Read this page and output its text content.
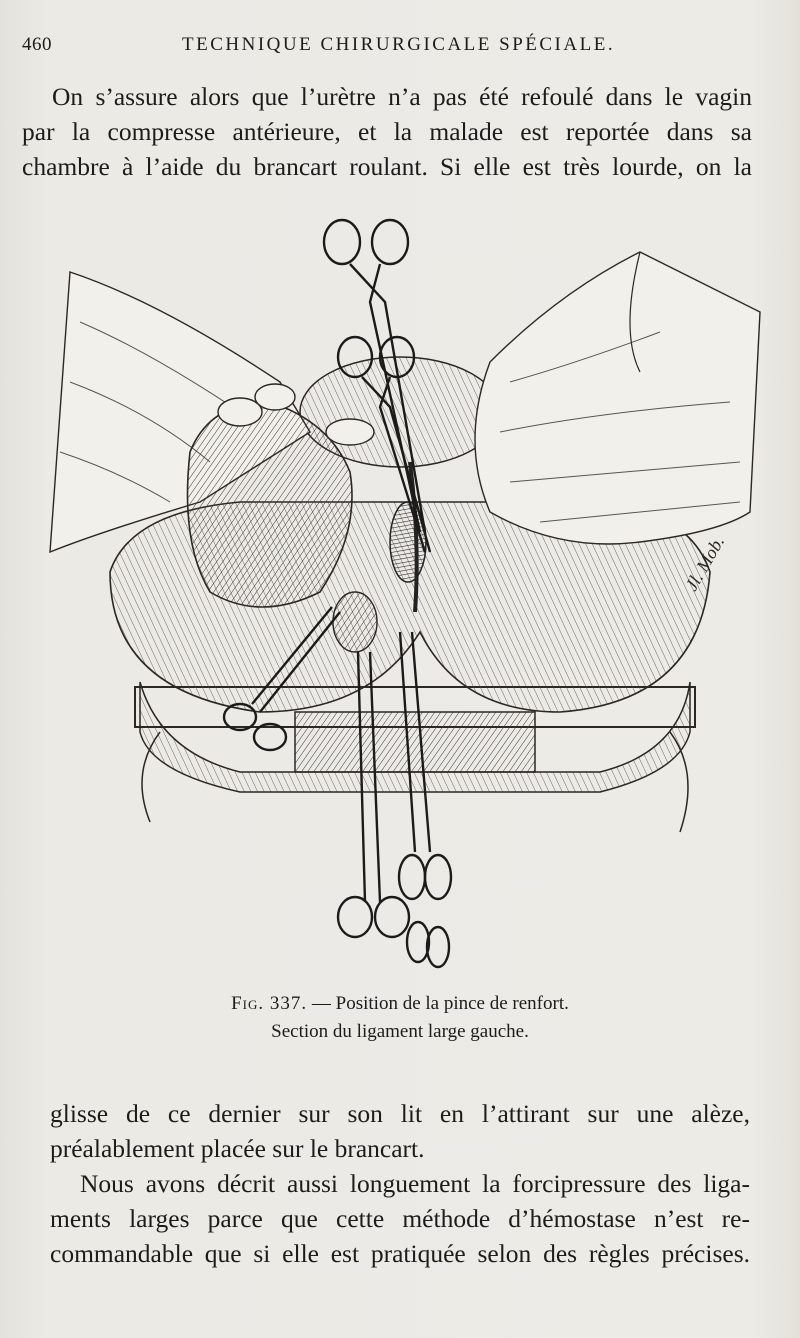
460	TECHNIQUE CHIRURGICALE SPÉCIALE.
On s’assure alors que l’urètre n’a pas été refoulé dans le vagin
par la compresse antérieure, et la malade est reportée dans sa
chambre à l’aide du brancart roulant. Si elle est très lourde, on la
Jl. Mob.
Fig. 337. — Position de la pince de renfort.
Section du ligament large gauche.
glisse de ce dernier sur son lit en l’attirant sur une alèze,
préalablement placée sur le brancart.
Nous avons décrit aussi longuement la forcipressure des liga-
ments larges parce que cette méthode d’hémostase n’est re-
commandable que si elle est pratiquée selon des règles précises.
